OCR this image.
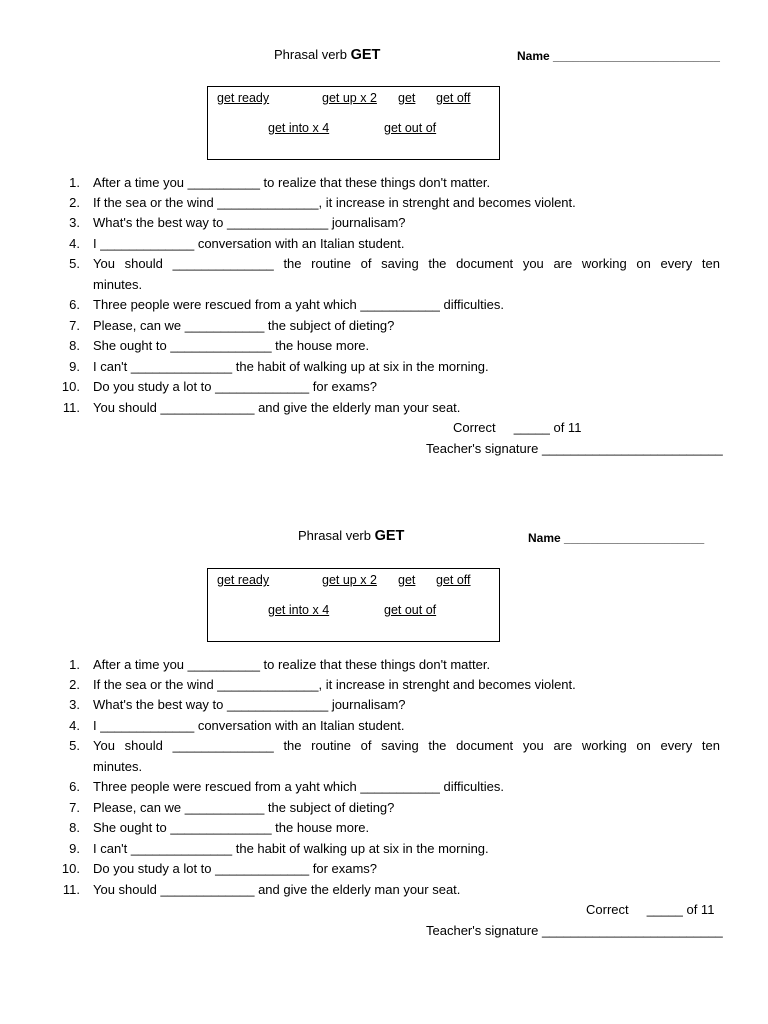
Phrasal verb GET	Name _________________________
get ready	get up x 2 get get off
get into x 4	get out of
1. After a time you __________ to realize that these things don't matter.
2. If the sea or the wind ______________, it increase in strenght and becomes violent.
3. What's the best way to ______________ journalisam?
4. I _____________ conversation with an Italian student.
5. You should ______________ the routine of saving the document you are working on every ten
minutes.
6. Three people were rescued from a yaht which ___________ difficulties.
7. Please, can we ___________ the subject of dieting?
8. She ought to ______________ the house more.
9. I can't ______________ the habit of walking up at six in the morning.
10. Do you study a lot to _____________ for exams?
11. You should _____________ and give the elderly man your seat.
Correct _____ of 11
Teacher's signature _________________________
Phrasal verb GET	Name _____________________
get ready	get up x 2 get get off
get into x 4	get out of
1. After a time you __________ to realize that these things don't matter.
2. If the sea or the wind ______________, it increase in strenght and becomes violent.
3. What's the best way to ______________ journalisam?
4. I _____________ conversation with an Italian student.
5. You should ______________ the routine of saving the document you are working on every ten
minutes.
6. Three people were rescued from a yaht which ___________ difficulties.
7. Please, can we ___________ the subject of dieting?
8. She ought to ______________ the house more.
9. I can't ______________ the habit of walking up at six in the morning.
10. Do you study a lot to _____________ for exams?
11. You should _____________ and give the elderly man your seat.
Correct _____ of 11
Teacher's signature _________________________
